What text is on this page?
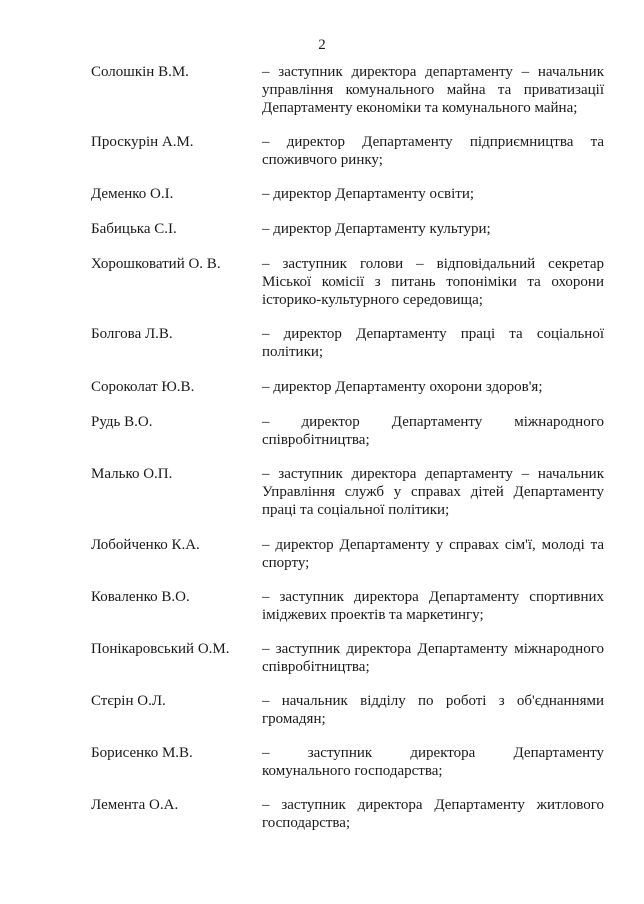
2
Солошкін В.М.	– заступник директора департаменту – начальник
управління комунального майна та приватизації
Департаменту економіки та комунального майна;
Проскурін А.М.	– директор Департаменту підприємництва та
споживчого ринку;
Деменко О.І.	– директор Департаменту освіти;
Бабицька С.І.	– директор Департаменту культури;
Хорошковатий О. В.	– заступник голови – відповідальний секретар
Міської комісії з питань топоніміки та охорони
історико-культурного середовища;
Болгова Л.В.	– директор Департаменту праці та соціальної
політики;
Сороколат Ю.В.	– директор Департаменту охорони здоров'я;
Рудь В.О.	– директор Департаменту міжнародного
співробітництва;
Малько О.П.	– заступник директора департаменту – начальник
Управління служб у справах дітей Департаменту
праці та соціальної політики;
Лобойченко К.А.	– директор Департаменту у справах сім'ї, молоді та
спорту;
Коваленко В.О.	– заступник директора Департаменту спортивних
іміджевих проектів та маркетингу;
Понікаровський О.М. – заступник директора Департаменту міжнародного
співробітництва;
Стєрін О.Л.	– начальник відділу по роботі з об'єднаннями
громадян;
Борисенко М.В.	– заступник директора Департаменту
комунального господарства;
Лемента О.А.	– заступник директора Департаменту житлового
господарства;
